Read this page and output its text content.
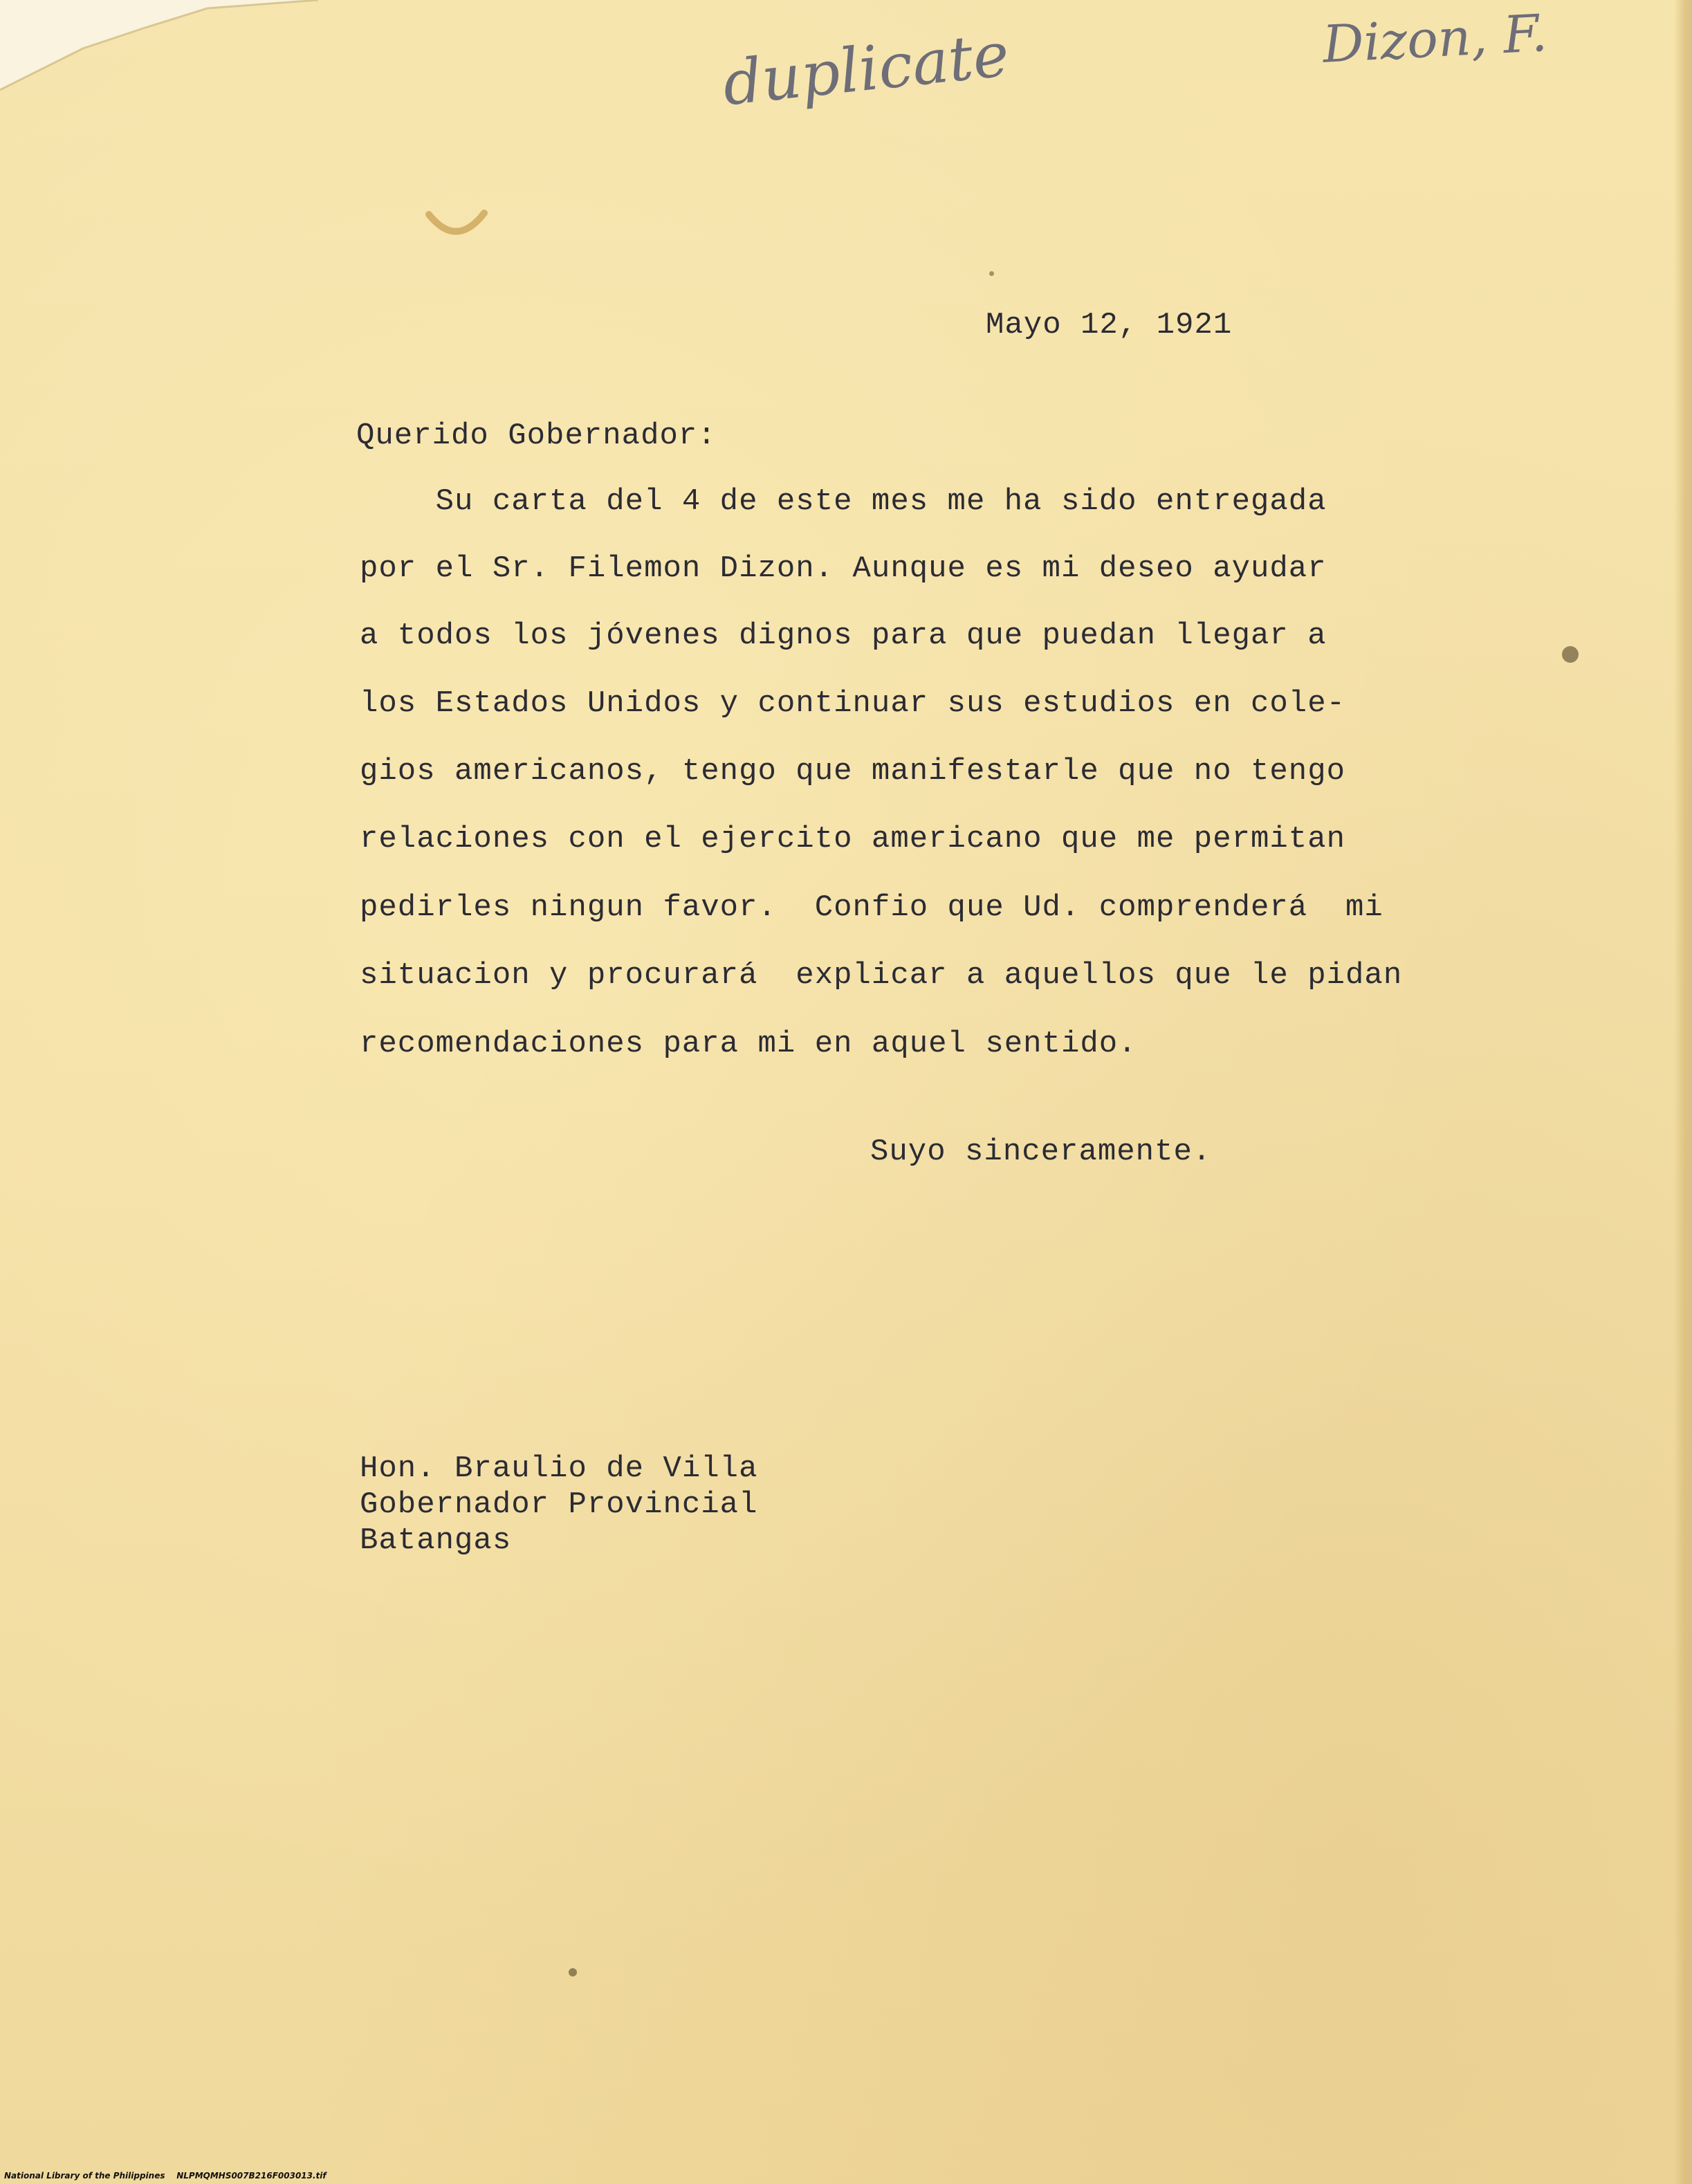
duplicate	Dizon, F.

Mayo 12, 1921

Querido Gobernador:

Su carta del 4 de este mes me ha sido entregada

por el Sr. Filemon Dizon. Aunque es mi deseo ayudar

a todos los jóvenes dignos para que puedan llegar a

los Estados Unidos y continuar sus estudios en cole-

gios americanos, tengo que manifestarle que no tengo

relaciones con el ejercito americano que me permitan

pedirles ningun favor.  Confio que Ud. comprenderá  mi

situacion y procurará  explicar a aquellos que le pidan

recomendaciones para mi en aquel sentido.

Suyo sinceramente.

Hon. Braulio de Villa

Gobernador Provincial

Batangas

National Library of the Philippines NLPMQMHS007B216F003013.tif
